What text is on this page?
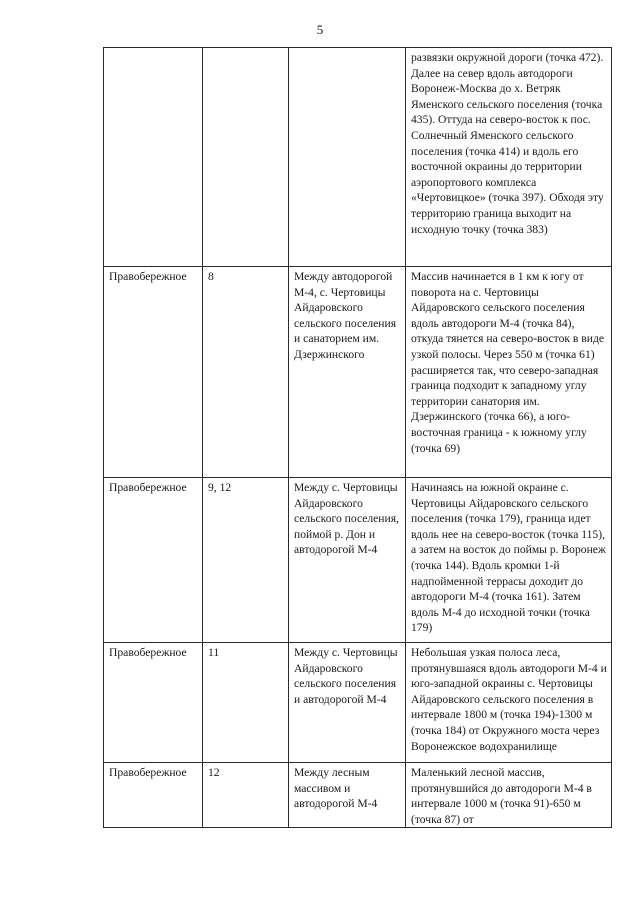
5
			развязки окружной дороги (точка 472). Далее на север вдоль автодороги Воронеж-Москва до х. Ветряк Яменского сельского поселения (точка 435). Оттуда на северо-восток к пос. Солнечный Яменского сельского поселения (точка 414) и вдоль его восточной окраины до территории аэропортового комплекса «Чертовицкое» (точка 397). Обходя эту территорию граница выходит на исходную точку (точка 383)
Правобережное	8	Между автодорогой М-4, с. Чертовицы Айдаровского сельского поселения и санаторием им. Дзержинского	Массив начинается в 1 км к югу от поворота на с. Чертовицы Айдаровского сельского поселения вдоль автодороги М-4 (точка 84), откуда тянется на северо-восток в виде узкой полосы. Через 550 м (точка 61) расширяется так, что северо-западная граница подходит к западному углу территории санатория им. Дзержинского (точка 66), а юго-восточная граница - к южному углу (точка 69)
Правобережное	9, 12	Между с. Чертовицы Айдаровского сельского поселения, поймой р. Дон и автодорогой М-4	Начинаясь на южной окраине с. Чертовицы Айдаровского сельского поселения (точка 179), граница идет вдоль нее на северо-восток (точка 115), а затем на восток до поймы р. Воронеж (точка 144). Вдоль кромки 1-й надпойменной террасы доходит до автодороги М-4 (точка 161). Затем вдоль М-4 до исходной точки (точка 179)
Правобережное	11	Между с. Чертовицы Айдаровского сельского поселения и автодорогой М-4	Небольшая узкая полоса леса, протянувшаяся вдоль автодороги М-4 и юго-западной окраины с. Чертовицы Айдаровского сельского поселения в интервале 1800 м (точка 194)-1300 м (точка 184) от Окружного моста через Воронежское водохранилище
Правобережное	12	Между лесным массивом и автодорогой М-4	Маленький лесной массив, протянувшийся до автодороги М-4 в интервале 1000 м (точка 91)-650 м (точка 87) от
